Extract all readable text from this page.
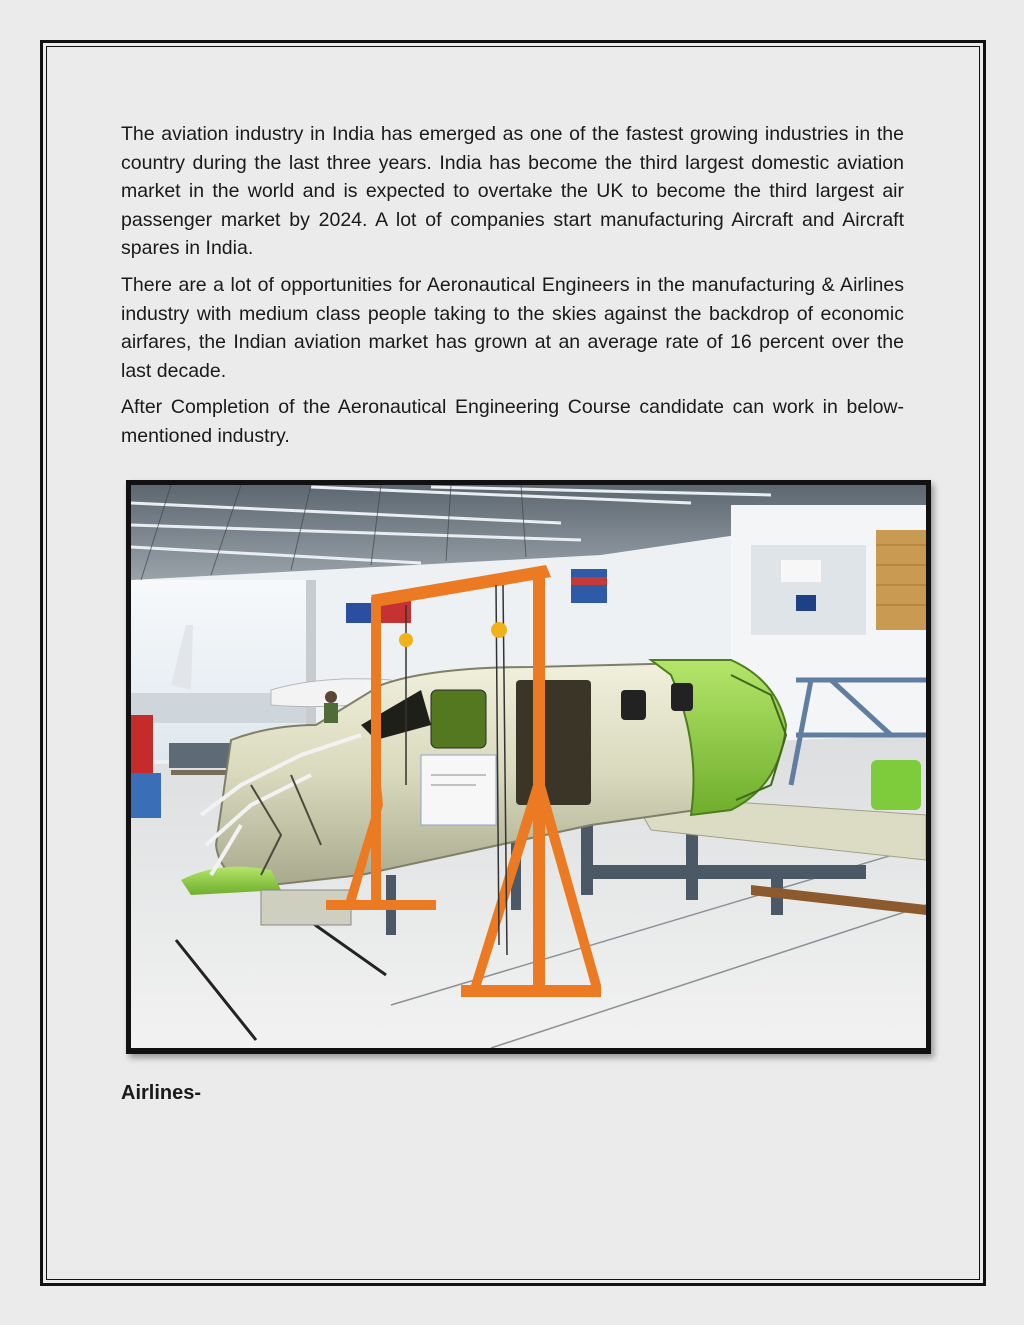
The aviation industry in India has emerged as one of the fastest growing industries in the country during the last three years. India has become the third largest domestic aviation market in the world and is expected to overtake the UK to become the third largest air passenger market by 2024. A lot of companies start manufacturing Aircraft and Aircraft spares in India.

There are a lot of opportunities for Aeronautical Engineers in the manufacturing & Airlines industry with medium class people taking to the skies against the backdrop of economic airfares, the Indian aviation market has grown at an average rate of 16 percent over the last decade.

After Completion of the Aeronautical Engineering Course candidate can work in below- mentioned industry.

Airlines-
